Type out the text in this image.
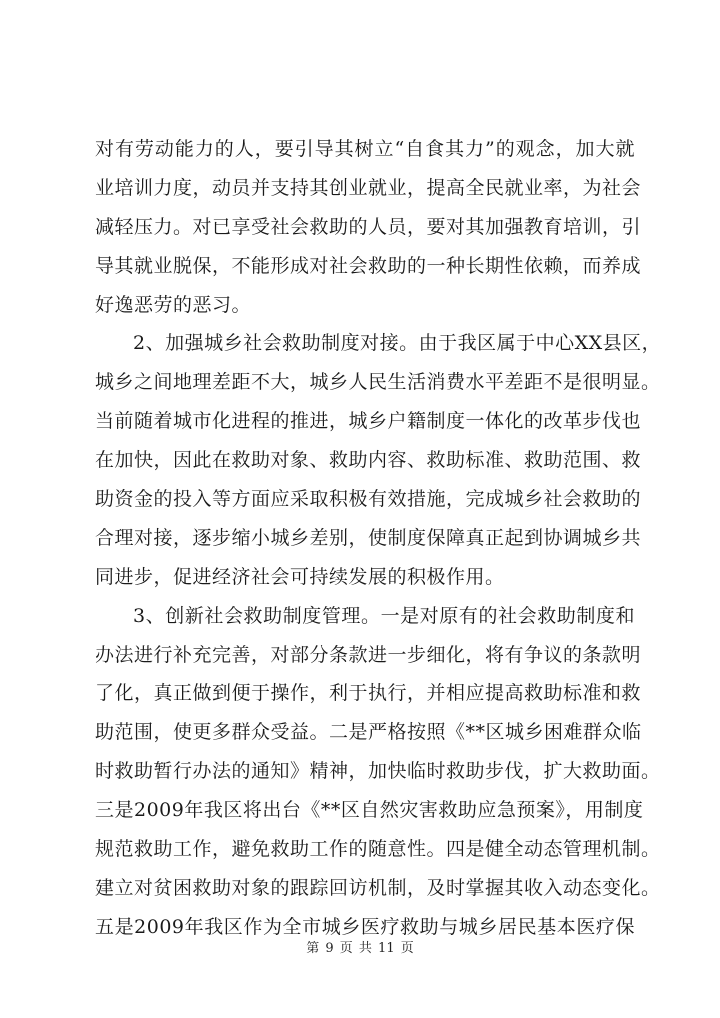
对有劳动能力的人，要引导其树立“自食其力”的观念，加大就
业培训力度，动员并支持其创业就业，提高全民就业率，为社会
减轻压力。对已享受社会救助的人员，要对其加强教育培训，引
导其就业脱保，不能形成对社会救助的一种长期性依赖，而养成
好逸恶劳的恶习。
2、加强城乡社会救助制度对接。由于我区属于中心XX县区，
城乡之间地理差距不大，城乡人民生活消费水平差距不是很明显。
当前随着城市化进程的推进，城乡户籍制度一体化的改革步伐也
在加快，因此在救助对象、救助内容、救助标准、救助范围、救
助资金的投入等方面应采取积极有效措施，完成城乡社会救助的
合理对接，逐步缩小城乡差别，使制度保障真正起到协调城乡共
同进步，促进经济社会可持续发展的积极作用。
3、创新社会救助制度管理。一是对原有的社会救助制度和
办法进行补充完善，对部分条款进一步细化，将有争议的条款明
了化，真正做到便于操作，利于执行，并相应提高救助标准和救
助范围，使更多群众受益。二是严格按照《**区城乡困难群众临
时救助暂行办法的通知》精神，加快临时救助步伐，扩大救助面。
三是2009年我区将出台《**区自然灾害救助应急预案》，用制度
规范救助工作，避免救助工作的随意性。四是健全动态管理机制。
建立对贫困救助对象的跟踪回访机制，及时掌握其收入动态变化。
五是2009年我区作为全市城乡医疗救助与城乡居民基本医疗保
第 9 页 共 11 页
